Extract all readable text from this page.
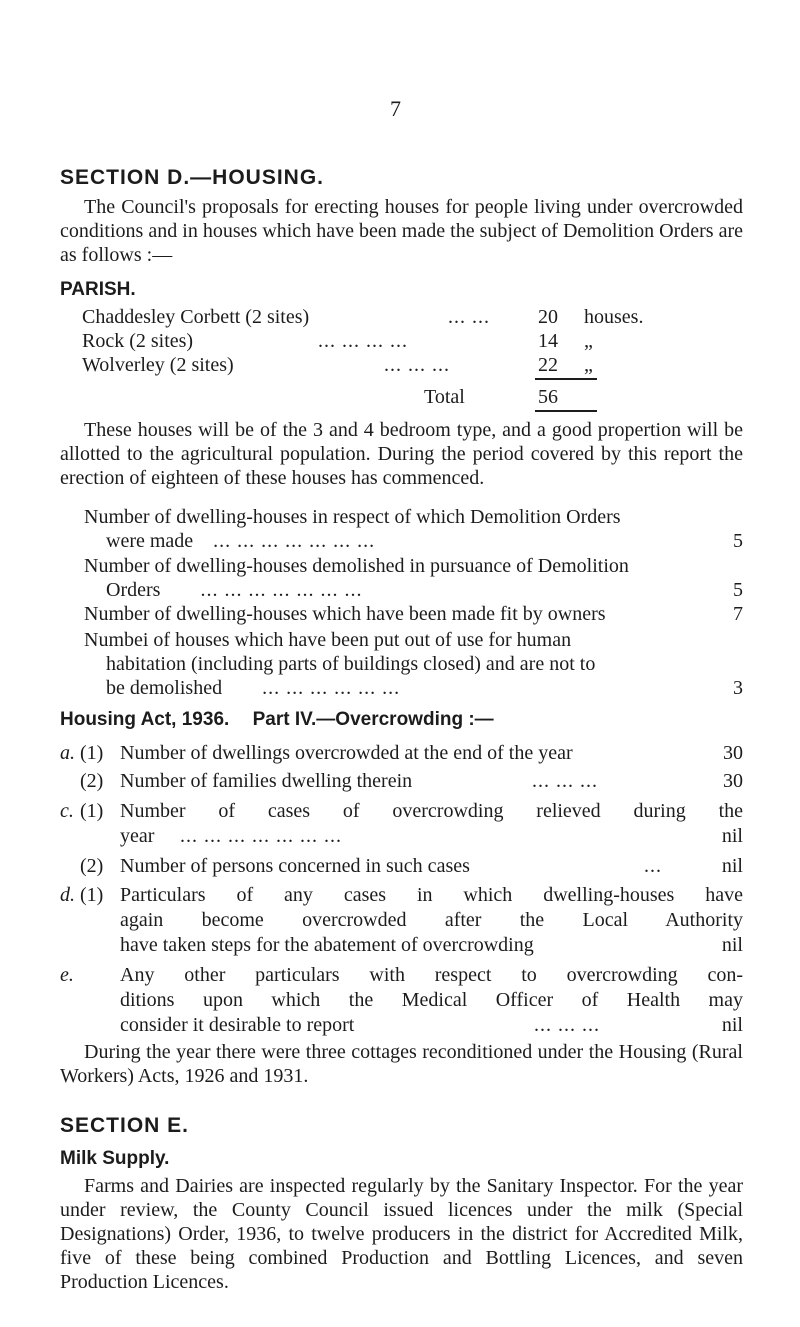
7
SECTION D.—HOUSING.
The Council's proposals for erecting houses for people living under overcrowded conditions and in houses which have been made the subject of Demolition Orders are as follows :—
PARISH.
Chaddesley Corbett (2 sites)	... ... 20 houses.
Rock (2 sites)	... ... ... ...	14 „
Wolverley (2 sites)	... ... ...	22 „
Total	56
These houses will be of the 3 and 4 bedroom type, and a good propertion will be allotted to the agricultural population. During the period covered by this report the erection of eighteen of these houses has commenced.
Number of dwelling-houses in respect of which Demolition Orders
were made ... ... ... ... ... ... ...	5
Number of dwelling-houses demolished in pursuance of Demolition
Orders ... ... ... ... ... ... ...	5
Number of dwelling-houses which have been made fit by owners	7
Numbei of houses which have been put out of use for human
habitation (including parts of buildings closed) and are not to
be demolished ... ... ... ... ... ...	3
Housing Act, 1936. Part IV.—Overcrowding :—
a. (1) Number of dwellings overcrowded at the end of the year	30
(2) Number of families dwelling therein	... ... ...	30
c. (1) Number of cases of overcrowding relieved during the
year ... ... ... ... ... ... ...	nil
(2) Number of persons concerned in such cases	...	nil
d. (1) Particulars of any cases in which dwelling-houses have
again become overcrowded after the Local Authority
have taken steps for the abatement of overcrowding	nil
e. Any other particulars with respect to overcrowding con-
ditions upon which the Medical Officer of Health may
consider it desirable to report	... ... ...	nil
During the year there were three cottages reconditioned under the Housing (Rural Workers) Acts, 1926 and 1931.
SECTION E.
Milk Supply.
Farms and Dairies are inspected regularly by the Sanitary Inspector. For the year under review, the County Council issued licences under the milk (Special Designations) Order, 1936, to twelve producers in the district for Accredited Milk, five of these being combined Production and Bottling Licences, and seven Production Licences.
